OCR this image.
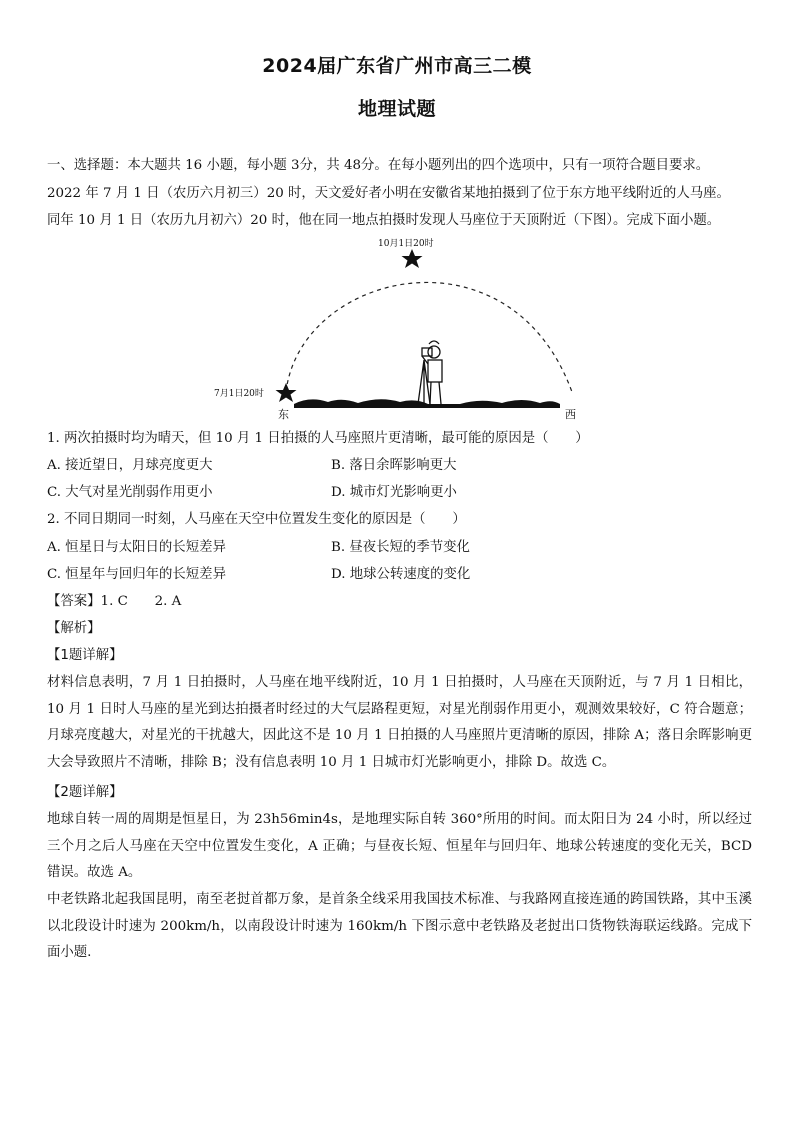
2024届广东省广州市高三二模
地理试题
一、选择题：本大题共 16 小题，每小题 3分，共 48分。在每小题列出的四个选项中，只有一项符合题目要求。
2022 年 7 月 1 日（农历六月初三）20 时，天文爱好者小明在安徽省某地拍摄到了位于东方地平线附近的人马座。
同年 10 月 1 日（农历九月初六）20 时，他在同一地点拍摄时发现人马座位于天顶附近（下图）。完成下面小题。
10月1日20时
7月1日20时
东	西
1. 两次拍摄时均为晴天，但 10 月 1 日拍摄的人马座照片更清晰，最可能的原因是（　　）
A. 接近望日，月球亮度更大	B. 落日余晖影响更大
C. 大气对星光削弱作用更小	D. 城市灯光影响更小
2. 不同日期同一时刻，人马座在天空中位置发生变化的原因是（　　）
A. 恒星日与太阳日的长短差异	B. 昼夜长短的季节变化
C. 恒星年与回归年的长短差异	D. 地球公转速度的变化
【答案】1. C　　2. A
【解析】
【1题详解】
材料信息表明，7 月 1 日拍摄时，人马座在地平线附近，10 月 1 日拍摄时，人马座在天顶附近，与 7 月 1 日相比，10 月 1 日时人马座的星光到达拍摄者时经过的大气层路程更短，对星光削弱作用更小，观测效果较好，C 符合题意；月球亮度越大，对星光的干扰越大，因此这不是 10 月 1 日拍摄的人马座照片更清晰的原因，排除 A；落日余晖影响更大会导致照片不清晰，排除 B；没有信息表明 10 月 1 日城市灯光影响更小，排除 D。故选 C。
【2题详解】
地球自转一周的周期是恒星日，为 23h56min4s，是地理实际自转 360°所用的时间。而太阳日为 24 小时，所以经过三个月之后人马座在天空中位置发生变化，A 正确；与昼夜长短、恒星年与回归年、地球公转速度的变化无关，BCD 错误。故选 A。
中老铁路北起我国昆明，南至老挝首都万象，是首条全线采用我国技术标准、与我路网直接连通的跨国铁路，其中玉溪以北段设计时速为 200km/h，以南段设计时速为 160km/h 下图示意中老铁路及老挝出口货物铁海联运线路。完成下面小题.
